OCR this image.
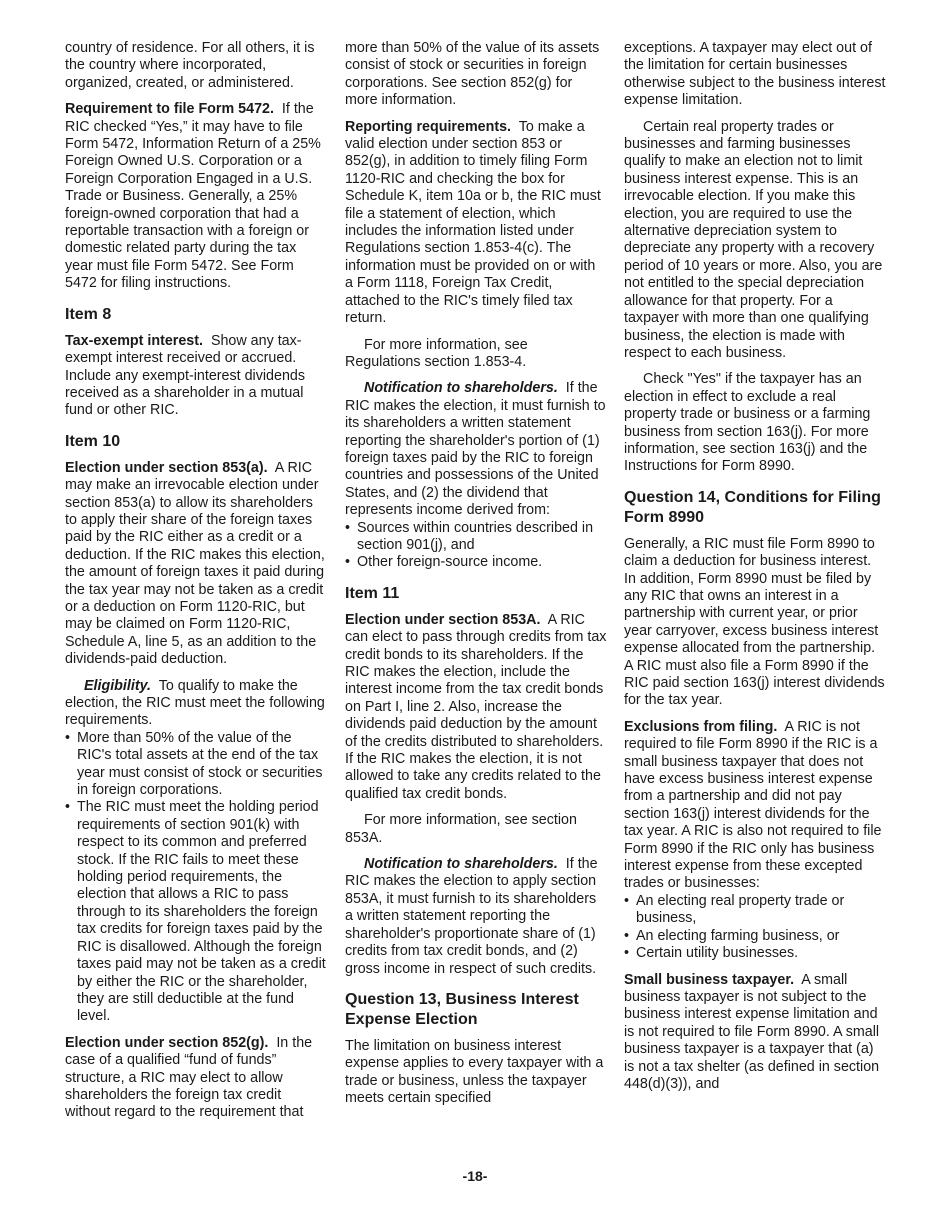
country of residence. For all others, it is the country where incorporated, organized, created, or administered.

Requirement to file Form 5472. If the RIC checked “Yes,” it may have to file Form 5472, Information Return of a 25% Foreign Owned U.S. Corporation or a Foreign Corporation Engaged in a U.S. Trade or Business. Generally, a 25% foreign-owned corporation that had a reportable transaction with a foreign or domestic related party during the tax year must file Form 5472. See Form 5472 for filing instructions.

Item 8

Tax-exempt interest. Show any tax-exempt interest received or accrued. Include any exempt-interest dividends received as a shareholder in a mutual fund or other RIC.

Item 10

Election under section 853(a). A RIC may make an irrevocable election under section 853(a) to allow its shareholders to apply their share of the foreign taxes paid by the RIC either as a credit or a deduction. If the RIC makes this election, the amount of foreign taxes it paid during the tax year may not be taken as a credit or a deduction on Form 1120-RIC, but may be claimed on Form 1120-RIC, Schedule A, line 5, as an addition to the dividends-paid deduction.

Eligibility. To qualify to make the election, the RIC must meet the following requirements.

• More than 50% of the value of the RIC's total assets at the end of the tax year must consist of stock or securities in foreign corporations.
• The RIC must meet the holding period requirements of section 901(k) with respect to its common and preferred stock. If the RIC fails to meet these holding period requirements, the election that allows a RIC to pass through to its shareholders the foreign tax credits for foreign taxes paid by the RIC is disallowed. Although the foreign taxes paid may not be taken as a credit by either the RIC or the shareholder, they are still deductible at the fund level.

Election under section 852(g). In the case of a qualified “fund of funds” structure, a RIC may elect to allow shareholders the foreign tax credit without regard to the requirement that

more than 50% of the value of its assets consist of stock or securities in foreign corporations. See section 852(g) for more information.

Reporting requirements. To make a valid election under section 853 or 852(g), in addition to timely filing Form 1120-RIC and checking the box for Schedule K, item 10a or b, the RIC must file a statement of election, which includes the information listed under Regulations section 1.853-4(c). The information must be provided on or with a Form 1118, Foreign Tax Credit, attached to the RIC's timely filed tax return.

For more information, see Regulations section 1.853-4.

Notification to shareholders. If the RIC makes the election, it must furnish to its shareholders a written statement reporting the shareholder's portion of (1) foreign taxes paid by the RIC to foreign countries and possessions of the United States, and (2) the dividend that represents income derived from:

• Sources within countries described in section 901(j), and
• Other foreign-source income.
Item 11

Election under section 853A. A RIC can elect to pass through credits from tax credit bonds to its shareholders. If the RIC makes the election, include the interest income from the tax credit bonds on Part I, line 2. Also, increase the dividends paid deduction by the amount of the credits distributed to shareholders. If the RIC makes the election, it is not allowed to take any credits related to the qualified tax credit bonds.

For more information, see section 853A.

Notification to shareholders. If the RIC makes the election to apply section 853A, it must furnish to its shareholders a written statement reporting the shareholder's proportionate share of (1) credits from tax credit bonds, and (2) gross income in respect of such credits.

Question 13, Business Interest Expense Election

The limitation on business interest expense applies to every taxpayer with a trade or business, unless the taxpayer meets certain specified

exceptions. A taxpayer may elect out of the limitation for certain businesses otherwise subject to the business interest expense limitation.

Certain real property trades or businesses and farming businesses qualify to make an election not to limit business interest expense. This is an irrevocable election. If you make this election, you are required to use the alternative depreciation system to depreciate any property with a recovery period of 10 years or more. Also, you are not entitled to the special depreciation allowance for that property. For a taxpayer with more than one qualifying business, the election is made with respect to each business.

Check "Yes" if the taxpayer has an election in effect to exclude a real property trade or business or a farming business from section 163(j). For more information, see section 163(j) and the Instructions for Form 8990.

Question 14, Conditions for Filing Form 8990

Generally, a RIC must file Form 8990 to claim a deduction for business interest. In addition, Form 8990 must be filed by any RIC that owns an interest in a partnership with current year, or prior year carryover, excess business interest expense allocated from the partnership. A RIC must also file a Form 8990 if the RIC paid section 163(j) interest dividends for the tax year.

Exclusions from filing. A RIC is not required to file Form 8990 if the RIC is a small business taxpayer that does not have excess business interest expense from a partnership and did not pay section 163(j) interest dividends for the tax year. A RIC is also not required to file Form 8990 if the RIC only has business interest expense from these excepted trades or businesses:

• An electing real property trade or business,
• An electing farming business, or
• Certain utility businesses.

Small business taxpayer. A small business taxpayer is not subject to the business interest expense limitation and is not required to file Form 8990. A small business taxpayer is a taxpayer that (a) is not a tax shelter (as defined in section 448(d)(3)), and

-18-
